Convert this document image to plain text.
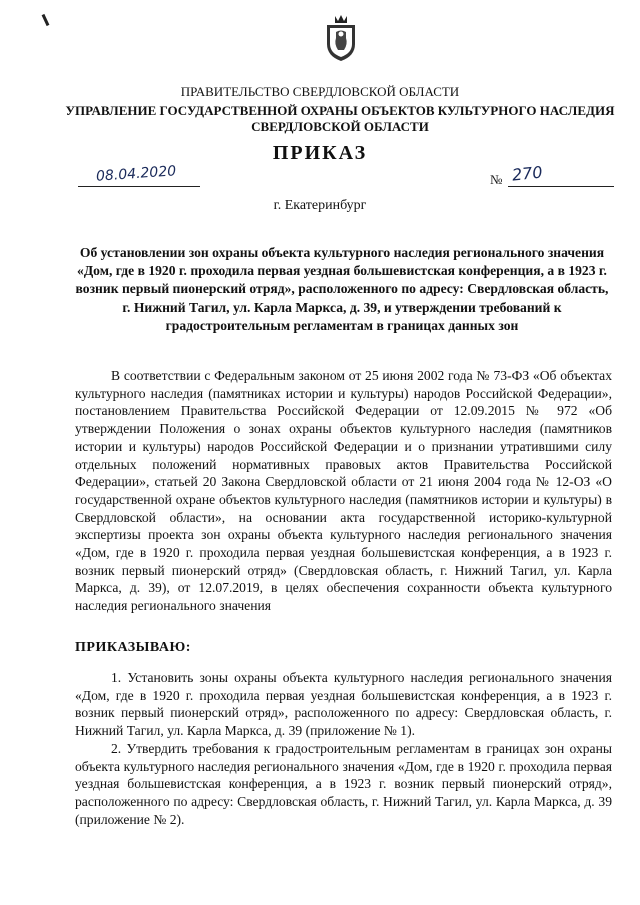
ПРАВИТЕЛЬСТВО СВЕРДЛОВСКОЙ ОБЛАСТИ
УПРАВЛЕНИЕ ГОСУДАРСТВЕННОЙ ОХРАНЫ ОБЪЕКТОВ КУЛЬТУРНОГО НАСЛЕДИЯ СВЕРДЛОВСКОЙ ОБЛАСТИ
ПРИКАЗ
08.04.2020	№ 270
г. Екатеринбург
Об установлении зон охраны объекта культурного наследия регионального значения «Дом, где в 1920 г. проходила первая уездная большевистская конференция, а в 1923 г. возник первый пионерский отряд», расположенного по адресу: Свердловская область, г. Нижний Тагил, ул. Карла Маркса, д. 39, и утверждении требований к градостроительным регламентам в границах данных зон

В соответствии с Федеральным законом от 25 июня 2002 года № 73-ФЗ «Об объектах культурного наследия (памятниках истории и культуры) народов Российской Федерации», постановлением Правительства Российской Федерации от 12.09.2015 № 972 «Об утверждении Положения о зонах охраны объектов культурного наследия (памятников истории и культуры) народов Российской Федерации и о признании утратившими силу отдельных положений нормативных правовых актов Правительства Российской Федерации», статьей 20 Закона Свердловской области от 21 июня 2004 года № 12-ОЗ «О государственной охране объектов культурного наследия (памятников истории и культуры) в Свердловской области», на основании акта государственной историко-культурной экспертизы проекта зон охраны объекта культурного наследия регионального значения «Дом, где в 1920 г. проходила первая уездная большевистская конференция, а в 1923 г. возник первый пионерский отряд» (Свердловская область, г. Нижний Тагил, ул. Карла Маркса, д. 39), от 12.07.2019, в целях обеспечения сохранности объекта культурного наследия регионального значения

ПРИКАЗЫВАЮ:

1. Установить зоны охраны объекта культурного наследия регионального значения «Дом, где в 1920 г. проходила первая уездная большевистская конференция, а в 1923 г. возник первый пионерский отряд», расположенного по адресу: Свердловская область, г. Нижний Тагил, ул. Карла Маркса, д. 39 (приложение № 1).

2. Утвердить требования к градостроительным регламентам в границах зон охраны объекта культурного наследия регионального значения «Дом, где в 1920 г. проходила первая уездная большевистская конференция, а в 1923 г. возник первый пионерский отряд», расположенного по адресу: Свердловская область, г. Нижний Тагил, ул. Карла Маркса, д. 39 (приложение № 2).
